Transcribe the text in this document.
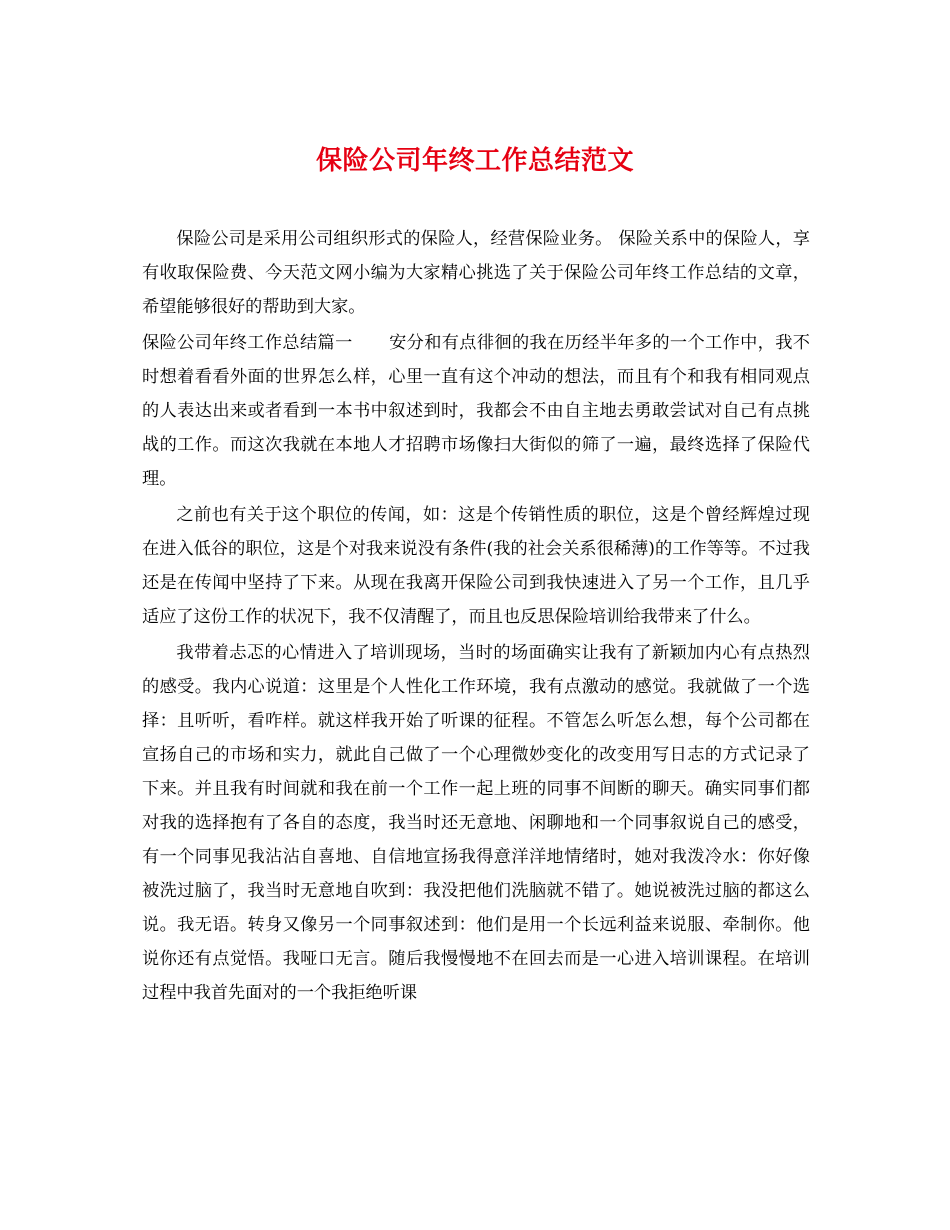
保险公司年终工作总结范文

保险公司是采用公司组织形式的保险人，经营保险业务。 保险关系中的保险人，享有收取保险费、今天范文网小编为大家精心挑选了关于保险公司年终工作总结的文章，希望能够很好的帮助到大家。

保险公司年终工作总结篇一 安分和有点徘徊的我在历经半年多的一个工作中，我不时想着看看外面的世界怎么样，心里一直有这个冲动的想法，而且有个和我有相同观点的人表达出来或者看到一本书中叙述到时，我都会不由自主地去勇敢尝试对自己有点挑战的工作。而这次我就在本地人才招聘市场像扫大街似的筛了一遍，最终选择了保险代理。

之前也有关于这个职位的传闻，如：这是个传销性质的职位，这是个曾经辉煌过现在进入低谷的职位，这是个对我来说没有条件(我的社会关系很稀薄)的工作等等。不过我还是在传闻中坚持了下来。从现在我离开保险公司到我快速进入了另一个工作，且几乎适应了这份工作的状况下，我不仅清醒了，而且也反思保险培训给我带来了什么。

我带着忐忑的心情进入了培训现场，当时的场面确实让我有了新颖加内心有点热烈的感受。我内心说道：这里是个人性化工作环境，我有点激动的感觉。我就做了一个选择：且听听，看咋样。就这样我开始了听课的征程。不管怎么听怎么想，每个公司都在宣扬自己的市场和实力，就此自己做了一个心理微妙变化的改变用写日志的方式记录了下来。并且我有时间就和我在前一个工作一起上班的同事不间断的聊天。确实同事们都对我的选择抱有了各自的态度，我当时还无意地、闲聊地和一个同事叙说自己的感受，有一个同事见我沾沾自喜地、自信地宣扬我得意洋洋地情绪时，她对我泼冷水：你好像被洗过脑了，我当时无意地自吹到：我没把他们洗脑就不错了。她说被洗过脑的都这么说。我无语。转身又像另一个同事叙述到：他们是用一个长远利益来说服、牵制你。他说你还有点觉悟。我哑口无言。随后我慢慢地不在回去而是一心进入培训课程。在培训过程中我首先面对的一个我拒绝听课
